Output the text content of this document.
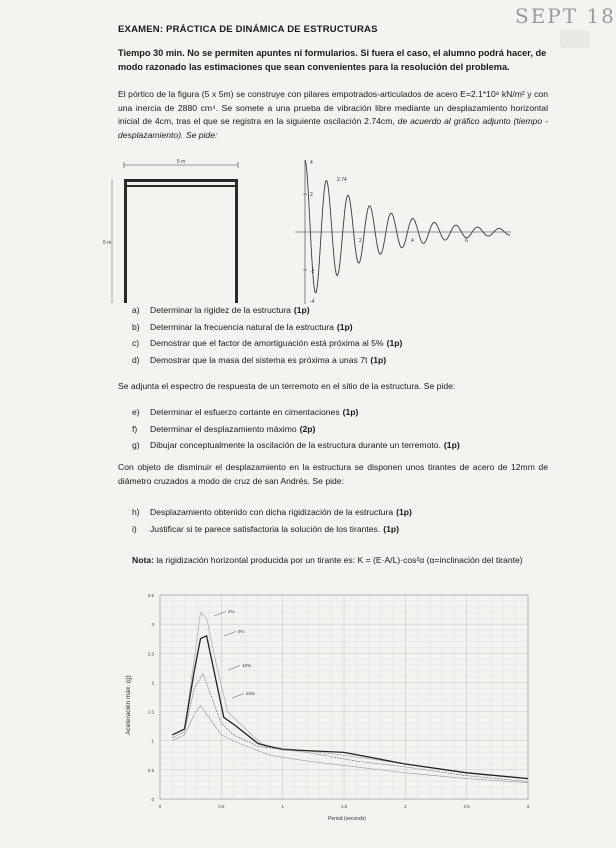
SEPT 18
EXAMEN: PRÁCTICA DE DINÁMICA DE ESTRUCTURAS
Tiempo 30 min. No se permiten apuntes ni formularios. Si fuera el caso, el alumno podrá hacer, de modo razonado las estimaciones que sean convenientes para la resolución del problema.
El pórtico de la figura (5 x 5m) se construye con pilares empotrados-articulados de acero E=2.1*10⁸ kN/m² y con una inercia de 2880 cm⁴. Se somete a una prueba de vibración libre mediante un desplazamiento horizontal inicial de 4cm, tras el que se registra en la siguiente oscilación 2.74cm, de acuerdo al gráfico adjunto (tiempo - desplazamiento). Se pide:
5 m
5 m
4
2
-2
-4
2	4	6
2.74
a)	Determinar la rigidez de la estructura (1p)
b)	Determinar la frecuencia natural de la estructura (1p)
c)	Demostrar que el factor de amortiguación está próxima al 5% (1p)
d)	Demostrar que la masa del sistema es próxima a unas 7t (1p)
Se adjunta el espectro de respuesta de un terremoto en el sitio de la estructura. Se pide:
e)	Determinar el esfuerzo cortante en cimentaciones (1p)
f)	Determinar el desplazamiento máximo (2p)
g)	Dibujar conceptualmente la oscilación de la estructura durante un terremoto. (1p)
Con objeto de disminuir el desplazamiento en la estructura se disponen unos tirantes de acero de 12mm de diámetro cruzados a modo de cruz de san Andrés. Se pide:
h)	Desplazamiento obtenido con dicha rigidización de la estructura (1p)
i)	Justificar si te parece satisfactoria la solución de los tirantes. (1p)
Nota: la rigidización horizontal producida por un tirante es: K = (E·A/L)·cos²α (α=inclinación del tirante)
Aceleración máx. (g)
Period (seconds)
3.5
3
2.5
2
1.5
1
0.5
0
0	0.5	1	1.5	2	2.5	3
2%
5%
10%
20%
